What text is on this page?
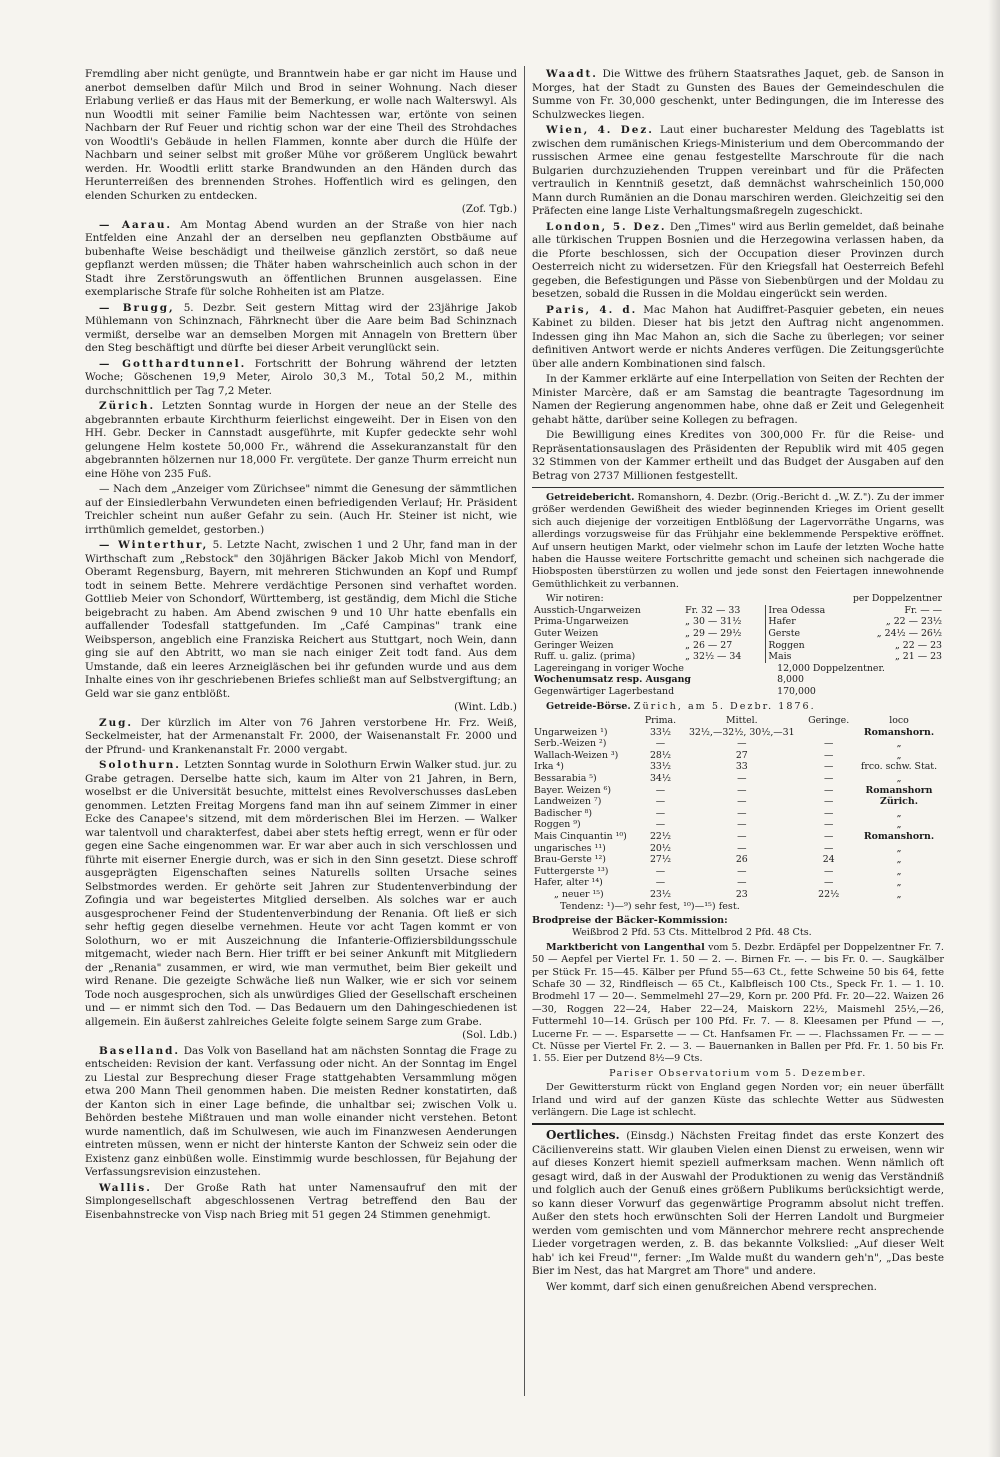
Fremdling aber nicht genügte, und Branntwein habe er gar nicht im Hause und anerbot demselben dafür Milch und Brod in seiner Wohnung. Nach dieser Erlabung verließ er das Haus mit der Bemerkung, er wolle nach Walterswyl. Als nun Woodtli mit seiner Familie beim Nachtessen war, ertönte von seinen Nachbarn der Ruf Feuer und richtig schon war der eine Theil des Strohdaches von Woodtli's Gebäude in hellen Flammen, konnte aber durch die Hülfe der Nachbarn und seiner selbst mit großer Mühe vor größerem Unglück bewahrt werden. Hr. Woodtli erlitt starke Brandwunden an den Händen durch das Herunterreißen des brennenden Strohes. Hoffentlich wird es gelingen, den elenden Schurken zu entdecken.
(Zof. Tgb.)

— Aarau. Am Montag Abend wurden an der Straße von hier nach Entfelden eine Anzahl der an derselben neu gepflanzten Obstbäume auf bubenhafte Weise beschädigt und theilweise gänzlich zerstört, so daß neue gepflanzt werden müssen; die Thäter haben wahrscheinlich auch schon in der Stadt ihre Zerstörungswuth an öffentlichen Brunnen ausgelassen. Eine exemplarische Strafe für solche Rohheiten ist am Platze.

— Brugg, 5. Dezbr. Seit gestern Mittag wird der 23jährige Jakob Mühlemann von Schinznach, Fährknecht über die Aare beim Bad Schinznach vermißt, derselbe war an demselben Morgen mit Annageln von Brettern über den Steg beschäftigt und dürfte bei dieser Arbeit verunglückt sein.

— Gotthardtunnel. Fortschritt der Bohrung während der letzten Woche; Göschenen 19,9 Meter, Airolo 30,3 M., Total 50,2 M., mithin durchschnittlich per Tag 7,2 Meter.

Zürich. Letzten Sonntag wurde in Horgen der neue an der Stelle des abgebrannten erbaute Kirchthurm feierlichst eingeweiht. Der in Eisen von den HH. Gebr. Decker in Cannstadt ausgeführte, mit Kupfer gedeckte sehr wohl gelungene Helm kostete 50,000 Fr., während die Assekuranzanstalt für den abgebrannten hölzernen nur 18,000 Fr. vergütete. Der ganze Thurm erreicht nun eine Höhe von 235 Fuß.

— Nach dem „Anzeiger vom Zürichsee" nimmt die Genesung der sämmtlichen auf der Einsiedlerbahn Verwundeten einen befriedigenden Verlauf; Hr. Präsident Treichler scheint nun außer Gefahr zu sein. (Auch Hr. Steiner ist nicht, wie irrthümlich gemeldet, gestorben.)

— Winterthur, 5. Letzte Nacht, zwischen 1 und 2 Uhr, fand man in der Wirthschaft zum „Rebstock" den 30jährigen Bäcker Jakob Michl von Mendorf, Oberamt Regensburg, Bayern, mit mehreren Stichwunden an Kopf und Rumpf todt in seinem Bette. Mehrere verdächtige Personen sind verhaftet worden. Gottlieb Meier von Schondorf, Württemberg, ist geständig, dem Michl die Stiche beigebracht zu haben. Am Abend zwischen 9 und 10 Uhr hatte ebenfalls ein auffallender Todesfall stattgefunden. Im „Café Campinas" trank eine Weibsperson, angeblich eine Franziska Reichert aus Stuttgart, noch Wein, dann ging sie auf den Abtritt, wo man sie nach einiger Zeit todt fand. Aus dem Umstande, daß ein leeres Arzneigläschen bei ihr gefunden wurde und aus dem Inhalte eines von ihr geschriebenen Briefes schließt man auf Selbstvergiftung; an Geld war sie ganz entblößt.
(Wint. Ldb.)

Zug. Der kürzlich im Alter von 76 Jahren verstorbene Hr. Frz. Weiß, Seckelmeister, hat der Armenanstalt Fr. 2000, der Waisenanstalt Fr. 2000 und der Pfrund- und Krankenanstalt Fr. 2000 vergabt.

Solothurn. Letzten Sonntag wurde in Solothurn Erwin Walker stud. jur. zu Grabe getragen. Derselbe hatte sich, kaum im Alter von 21 Jahren, in Bern, woselbst er die Universität besuchte, mittelst eines Revolverschusses dasLeben genommen. Letzten Freitag Morgens fand man ihn auf seinem Zimmer in einer Ecke des Canapee's sitzend, mit dem mörderischen Blei im Herzen. — Walker war talentvoll und charakterfest, dabei aber stets heftig erregt, wenn er für oder gegen eine Sache eingenommen war. Er war aber auch in sich verschlossen und führte mit eiserner Energie durch, was er sich in den Sinn gesetzt. Diese schroff ausgeprägten Eigenschaften seines Naturells sollten Ursache seines Selbstmordes werden. Er gehörte seit Jahren zur Studentenverbindung der Zofingia und war begeistertes Mitglied derselben. Als solches war er auch ausgesprochener Feind der Studentenverbindung der Renania. Oft ließ er sich sehr heftig gegen dieselbe vernehmen. Heute vor acht Tagen kommt er von Solothurn, wo er mit Auszeichnung die Infanterie-Offiziersbildungsschule mitgemacht, wieder nach Bern. Hier trifft er bei seiner Ankunft mit Mitgliedern der „Renania" zusammen, er wird, wie man vermuthet, beim Bier gekeilt und wird Renane. Die gezeigte Schwäche ließ nun Walker, wie er sich vor seinem Tode noch ausgesprochen, sich als unwürdiges Glied der Gesellschaft erscheinen und — er nimmt sich den Tod. — Das Bedauern um den Dahingeschiedenen ist allgemein. Ein äußerst zahlreiches Geleite folgte seinem Sarge zum Grabe.
(Sol. Ldb.)

Baselland. Das Volk von Baselland hat am nächsten Sonntag die Frage zu entscheiden: Revision der kant. Verfassung oder nicht. An der Sonntag im Engel zu Liestal zur Besprechung dieser Frage stattgehabten Versammlung mögen etwa 200 Mann Theil genommen haben. Die meisten Redner konstatirten, daß der Kanton sich in einer Lage befinde, die unhaltbar sei; zwischen Volk u. Behörden bestehe Mißtrauen und man wolle einander nicht verstehen. Betont wurde namentlich, daß im Schulwesen, wie auch im Finanzwesen Aenderungen eintreten müssen, wenn er nicht der hinterste Kanton der Schweiz sein oder die Existenz ganz einbüßen wolle. Einstimmig wurde beschlossen, für Bejahung der Verfassungsrevision einzustehen.

Wallis. Der Große Rath hat unter Namensaufruf den mit der Simplongesellschaft abgeschlossenen Vertrag betreffend den Bau der Eisenbahnstrecke von Visp nach Brieg mit 51 gegen 24 Stimmen genehmigt.

Waadt. Die Wittwe des frühern Staatsrathes Jaquet, geb. de Sanson in Morges, hat der Stadt zu Gunsten des Baues der Gemeindeschulen die Summe von Fr. 30,000 geschenkt, unter Bedingungen, die im Interesse des Schulzweckes liegen.

Wien, 4. Dez. Laut einer bucharester Meldung des Tageblatts ist zwischen dem rumänischen Kriegs-Ministerium und dem Obercommando der russischen Armee eine genau festgestellte Marschroute für die nach Bulgarien durchzuziehenden Truppen vereinbart und für die Präfecten vertraulich in Kenntniß gesetzt, daß demnächst wahrscheinlich 150,000 Mann durch Rumänien an die Donau marschiren werden. Gleichzeitig sei den Präfecten eine lange Liste Verhaltungsmaßregeln zugeschickt.

London, 5. Dez. Den „Times" wird aus Berlin gemeldet, daß beinahe alle türkischen Truppen Bosnien und die Herzegowina verlassen haben, da die Pforte beschlossen, sich der Occupation dieser Provinzen durch Oesterreich nicht zu widersetzen. Für den Kriegsfall hat Oesterreich Befehl gegeben, die Befestigungen und Pässe von Siebenbürgen und der Moldau zu besetzen, sobald die Russen in die Moldau eingerückt sein werden.

Paris, 4. d. Mac Mahon hat Audiffret-Pasquier gebeten, ein neues Kabinet zu bilden. Dieser hat bis jetzt den Auftrag nicht angenommen. Indessen ging ihn Mac Mahon an, sich die Sache zu überlegen; vor seiner definitiven Antwort werde er nichts Anderes verfügen. Die Zeitungsgerüchte über alle andern Kombinationen sind falsch.

In der Kammer erklärte auf eine Interpellation von Seiten der Rechten der Minister Marcère, daß er am Samstag die beantragte Tagesordnung im Namen der Regierung angenommen habe, ohne daß er Zeit und Gelegenheit gehabt hätte, darüber seine Kollegen zu befragen.

Die Bewilligung eines Kredites von 300,000 Fr. für die Reise- und Repräsentationsauslagen des Präsidenten der Republik wird mit 405 gegen 32 Stimmen von der Kammer ertheilt und das Budget der Ausgaben auf den Betrag von 2737 Millionen festgestellt.

Getreidebericht. Romanshorn, 4. Dezbr. (Orig.-Bericht d. „W. Z."). Zu der immer größer werdenden Gewißheit des wieder beginnenden Krieges im Orient gesellt sich auch diejenige der vorzeitigen Entblößung der Lagervorräthe Ungarns, was allerdings vorzugsweise für das Frühjahr eine beklemmende Perspektive eröffnet. Auf unsern heutigen Markt, oder vielmehr schon im Laufe der letzten Woche hatte haben die Hausse weitere Fortschritte gemacht und scheinen sich nachgerade die Hiobsposten überstürzen zu wollen und jede sonst den Feiertagen innewohnende Gemüthlichkeit zu verbannen.

Wir notiren:		per Doppelzentner	
Ausstich-Ungarweizen	Fr. 32 — 33	Irea Odessa	Fr. — —
Prima-Ungarweizen	„ 30 — 31½	Hafer	„ 22 — 23½
Guter Weizen	„ 29 — 29½	Gerste	„ 24½ — 26½
Geringer Weizen	„ 26 — 27	Roggen	„ 22 — 23
Ruff. u. galiz. (prima)	„ 32½ — 34	Mais	„ 21 — 23
Lagereingang in voriger Woche	12,000 Doppelzentner.
Wochenumsatz resp. Ausgang	8,000
Gegenwärtiger Lagerbestand	170,000

Getreide-Börse. Zürich, am 5. Dezbr. 1876.

	Prima.	Mittel.	Geringe.	loco
Ungarweizen ¹)	33½	32½,—32½, 30½,—31		Romanshorn.
Serb.-Weizen ²)	—	—	—	„
Wallach-Weizen ³)	28½	27	—	„
Irka ⁴)	33½	33	—	frco. schw. Stat.
Bessarabia ⁵)	34½	—	—	„
Bayer. Weizen ⁶)	—	—	—	Romanshorn
Landweizen ⁷)	—	—	—	Zürich.
Badischer ⁸)	—	—	—	„
Roggen ⁹)	—	—	—	„
Mais Cinquantin ¹⁰)	22½	—	—	Romanshorn.
ungarisches ¹¹)	20½	—	—	„
Brau-Gerste ¹²)	27½	26	24	„
Futtergerste ¹³)	—	—	—	„
Hafer, alter ¹⁴)	—	—	—	„
„ neuer ¹⁵)	23½	23	22½	„

Tendenz: ¹)—⁹) sehr fest, ¹⁰)—¹⁵) fest.

Brodpreise der Bäcker-Kommission:
Weißbrod 2 Pfd. 53 Cts. Mittelbrod 2 Pfd. 48 Cts.

Marktbericht von Langenthal vom 5. Dezbr. Erdäpfel per Doppelzentner Fr. 7. 50 — Aepfel per Viertel Fr. 1. 50 — 2. —. Birnen Fr. —. — bis Fr. 0. —. Saugkälber per Stück Fr. 15—45. Kälber per Pfund 55—63 Ct., fette Schweine 50 bis 64, fette Schafe 30 — 32, Rindfleisch — 65 Ct., Kalbfleisch 100 Cts., Speck Fr. 1. — 1. 10. Brodmehl 17 — 20—. Semmelmehl 27—29, Korn pr. 200 Pfd. Fr. 20—22. Waizen 26—30, Roggen 22—24, Haber 22—24, Maiskorn 22½, Maismehl 25½,—26, Futtermehl 10—14. Grüsch per 100 Pfd. Fr. 7. — 8. Kleesamen per Pfund — —, Lucerne Fr. — —. Esparsette — — Ct. Hanfsamen Fr. — —. Flachssamen Fr. — — — Ct. Nüsse per Viertel Fr. 2. — 3. — Bauernanken in Ballen per Pfd. Fr. 1. 50 bis Fr. 1. 55. Eier per Dutzend 8½—9 Cts.

Pariser Observatorium vom 5. Dezember.

Der Gewittersturm rückt von England gegen Norden vor; ein neuer überfällt Irland und wird auf der ganzen Küste das schlechte Wetter aus Südwesten verlängern. Die Lage ist schlecht.

Oertliches. (Einsdg.) Nächsten Freitag findet das erste Konzert des Cäcilienvereins statt. Wir glauben Vielen einen Dienst zu erweisen, wenn wir auf dieses Konzert hiemit speziell aufmerksam machen. Wenn nämlich oft gesagt wird, daß in der Auswahl der Produktionen zu wenig das Verständniß und folglich auch der Genuß eines größern Publikums berücksichtigt werde, so kann dieser Vorwurf das gegenwärtige Programm absolut nicht treffen. Außer den stets hoch erwünschten Soli der Herren Landolt und Burgmeier werden vom gemischten und vom Männerchor mehrere recht ansprechende Lieder vorgetragen werden, z. B. das bekannte Volkslied: „Auf dieser Welt hab' ich kei Freud'", ferner: „Im Walde mußt du wandern geh'n", „Das beste Bier im Nest, das hat Margret am Thore" und andere.

Wer kommt, darf sich einen genußreichen Abend versprechen.
